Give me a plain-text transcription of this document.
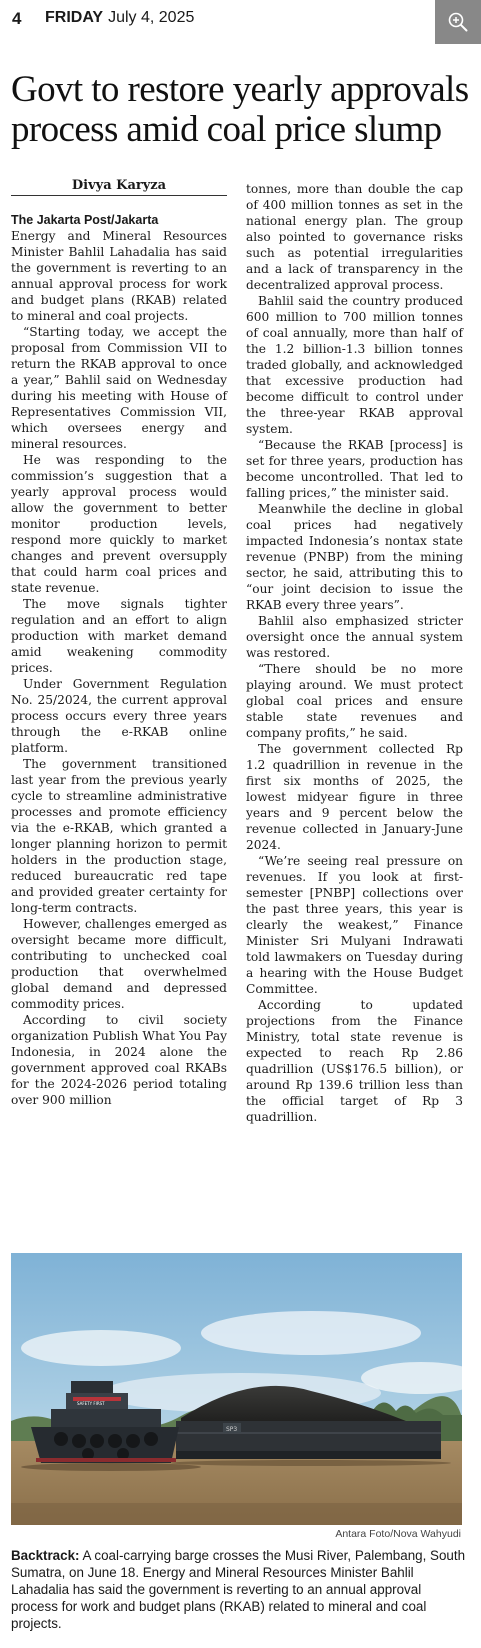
4 FRIDAY July 4, 2025
Govt to restore yearly approvals
process amid coal price slump
Divya Karyza
The Jakarta Post/Jakarta

Energy and Mineral Resources Minister Bahlil Lahadalia has said the government is reverting to an annual approval process for work and budget plans (RKAB) related to mineral and coal projects.

“Starting today, we accept the proposal from Commission VII to return the RKAB approval to once a year,” Bahlil said on Wednesday during his meeting with House of Representatives Commission VII, which oversees energy and mineral resources.

He was responding to the commission’s suggestion that a yearly approval process would allow the government to better monitor production levels, respond more quickly to market changes and prevent oversupply that could harm coal prices and state revenue.

The move signals tighter regulation and an effort to align production with market demand amid weakening commodity prices.

Under Government Regulation No. 25/2024, the current approval process occurs every three years through the e-RKAB online platform.

The government transitioned last year from the previous yearly cycle to streamline administrative processes and promote efficiency via the e-RKAB, which granted a longer planning horizon to permit holders in the production stage, reduced bureaucratic red tape and provided greater certainty for long-term contracts.

However, challenges emerged as oversight became more difficult, contributing to unchecked coal production that overwhelmed global demand and depressed commodity prices.

According to civil society organization Publish What You Pay Indonesia, in 2024 alone the government approved coal RKABs for the 2024-2026 period totaling over 900 million

tonnes, more than double the cap of 400 million tonnes as set in the national energy plan. The group also pointed to governance risks such as potential irregularities and a lack of transparency in the decentralized approval process.

Bahlil said the country produced 600 million to 700 million tonnes of coal annually, more than half of the 1.2 billion-1.3 billion tonnes traded globally, and acknowledged that excessive production had become difficult to control under the three-year RKAB approval system.

“Because the RKAB [process] is set for three years, production has become uncontrolled. That led to falling prices,” the minister said.

Meanwhile the decline in global coal prices had negatively impacted Indonesia’s nontax state revenue (PNBP) from the mining sector, he said, attributing this to “our joint decision to issue the RKAB every three years”.

Bahlil also emphasized stricter oversight once the annual system was restored.

“There should be no more playing around. We must protect global coal prices and ensure stable state revenues and company profits,” he said.

The government collected Rp 1.2 quadrillion in revenue in the first six months of 2025, the lowest midyear figure in three years and 9 percent below the revenue collected in January-June 2024.

“We’re seeing real pressure on revenues. If you look at first-semester [PNBP] collections over the past three years, this year is clearly the weakest,” Finance Minister Sri Mulyani Indrawati told lawmakers on Tuesday during a hearing with the House Budget Committee.

According to updated projections from the Finance Ministry, total state revenue is expected to reach Rp 2.86 quadrillion (US$176.5 billion), or around Rp 139.6 trillion less than the official target of Rp 3 quadrillion.

SP3
SAFETY FIRST
Antara Foto/Nova Wahyudi

Backtrack: A coal-carrying barge crosses the Musi River, Palembang, South Sumatra, on June 18. Energy and Mineral Resources Minister Bahlil Lahadalia has said the government is reverting to an annual approval process for work and budget plans (RKAB) related to mineral and coal projects.
